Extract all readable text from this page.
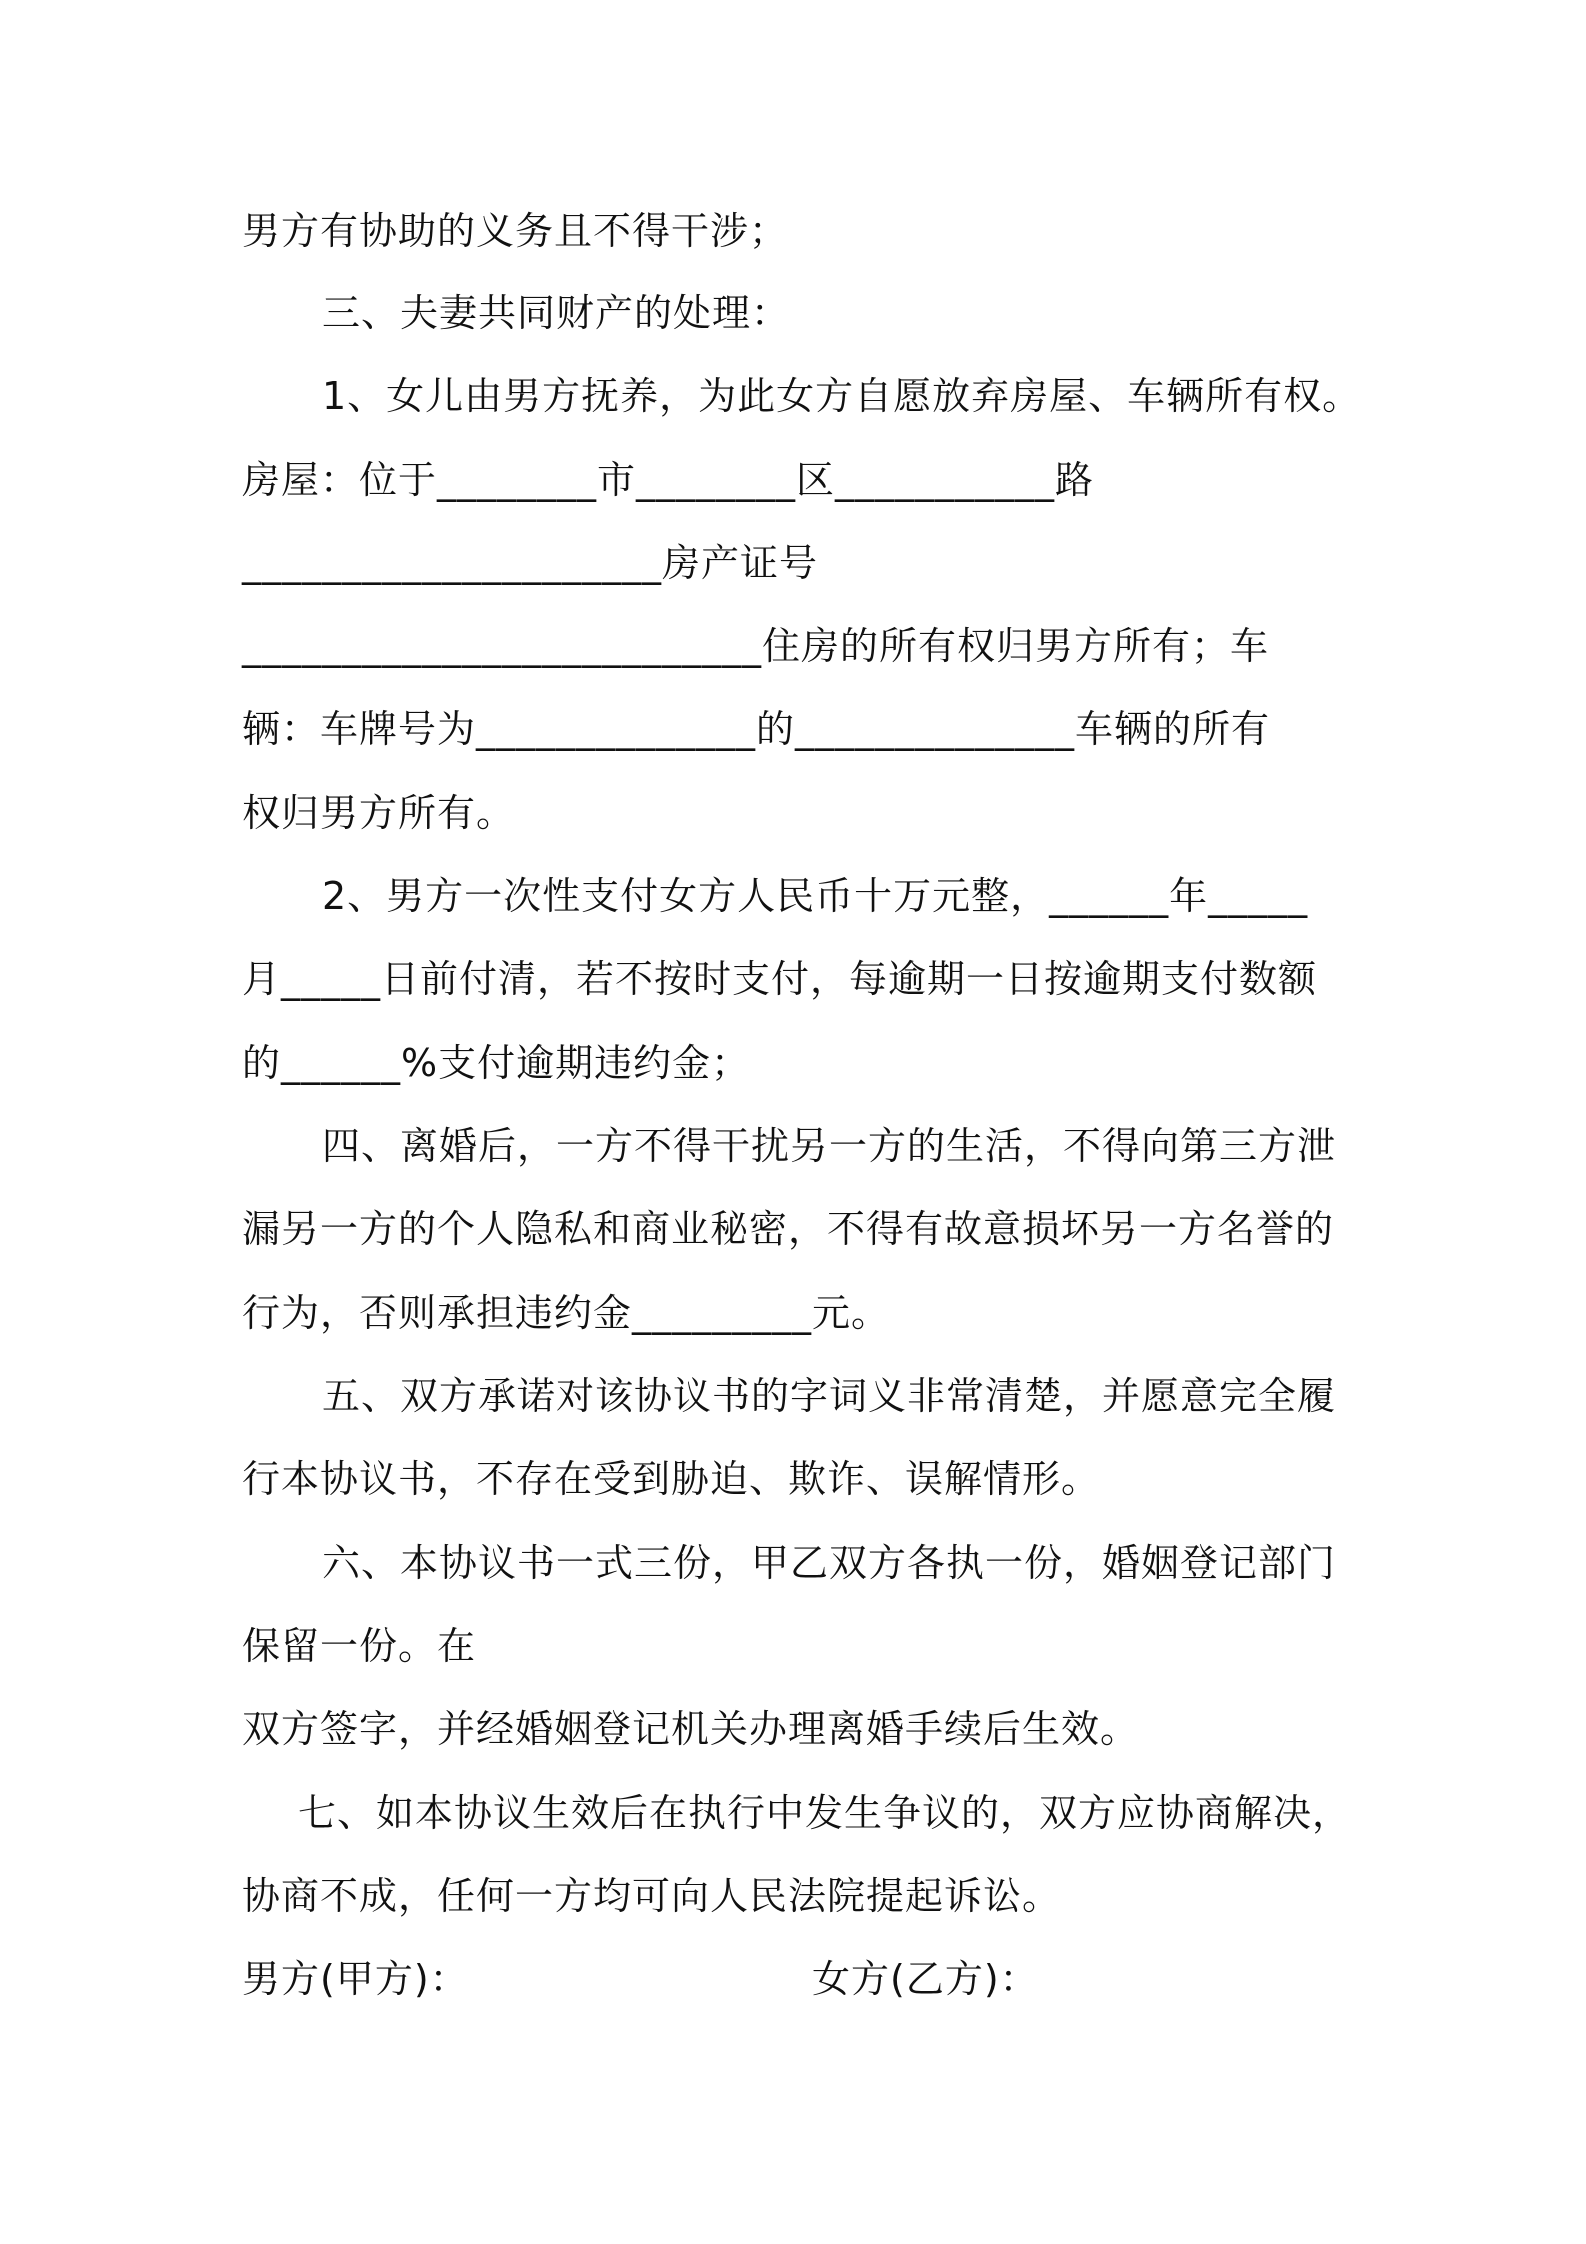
男方有协助的义务且不得干涉；
三、夫妻共同财产的处理：
1、女儿由男方抚养，为此女方自愿放弃房屋、车辆所有权。
房屋：位于________市________区___________路
_____________________房产证号
__________________________住房的所有权归男方所有；车
辆：车牌号为______________的______________车辆的所有
权归男方所有。
2、男方一次性支付女方人民币十万元整，______年_____
月_____日前付清，若不按时支付，每逾期一日按逾期支付数额
的______%支付逾期违约金；
四、离婚后，一方不得干扰另一方的生活，不得向第三方泄
漏另一方的个人隐私和商业秘密，不得有故意损坏另一方名誉的
行为，否则承担违约金_________元。
五、双方承诺对该协议书的字词义非常清楚，并愿意完全履
行本协议书，不存在受到胁迫、欺诈、误解情形。
六、本协议书一式三份，甲乙双方各执一份，婚姻登记部门
保留一份。在
双方签字，并经婚姻登记机关办理离婚手续后生效。
七、如本协议生效后在执行中发生争议的，双方应协商解决，
协商不成，任何一方均可向人民法院提起诉讼。
男方(甲方)：	女方(乙方)：
